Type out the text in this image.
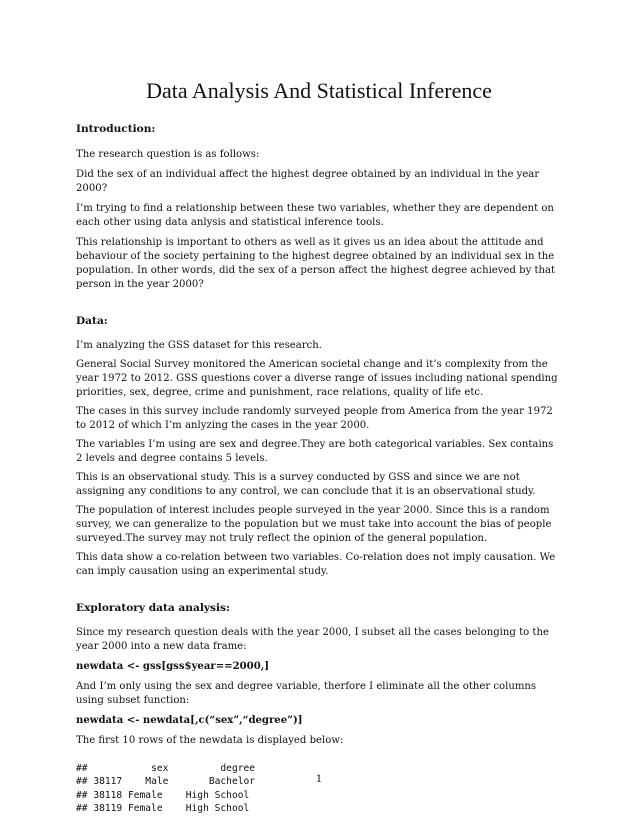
Data Analysis And Statistical Inference
Introduction:

The research question is as follows:

Did the sex of an individual affect the highest degree obtained by an individual in the year 2000?

I’m trying to find a relationship between these two variables, whether they are dependent on each other using data anlysis and statistical inference tools.

This relationship is important to others as well as it gives us an idea about the attitude and behaviour of the society pertaining to the highest degree obtained by an individual sex in the population. In other words, did the sex of a person affect the highest degree achieved by that person in the year 2000?

Data:

I’m analyzing the GSS dataset for this research.

General Social Survey monitored the American societal change and it’s complexity from the year 1972 to 2012. GSS questions cover a diverse range of issues including national spending priorities, sex, degree, crime and punishment, race relations, quality of life etc.

The cases in this survey include randomly surveyed people from America from the year 1972 to 2012 of which I’m anlyzing the cases in the year 2000.

The variables I’m using are sex and degree.They are both categorical variables. Sex contains 2 levels and degree contains 5 levels.

This is an observational study. This is a survey conducted by GSS and since we are not assigning any conditions to any control, we can conclude that it is an observational study.

The population of interest includes people surveyed in the year 2000. Since this is a random survey, we can generalize to the population but we must take into account the bias of people surveyed.The survey may not truly reflect the opinion of the general population.

This data show a co-relation between two variables. Co-relation does not imply causation. We can imply causation using an experimental study.

Exploratory data analysis:

Since my research question deals with the year 2000, I subset all the cases belonging to the year 2000 into a new data frame:

newdata <- gss[gss$year==2000,]

And I’m only using the sex and degree variable, therfore I eliminate all the other columns using subset function:

newdata <- newdata[,c(“sex”,“degree”)]

The first 10 rows of the newdata is displayed below:

##           sex         degree
## 38117    Male       Bachelor
## 38118 Female    High School
## 38119 Female    High School
1
